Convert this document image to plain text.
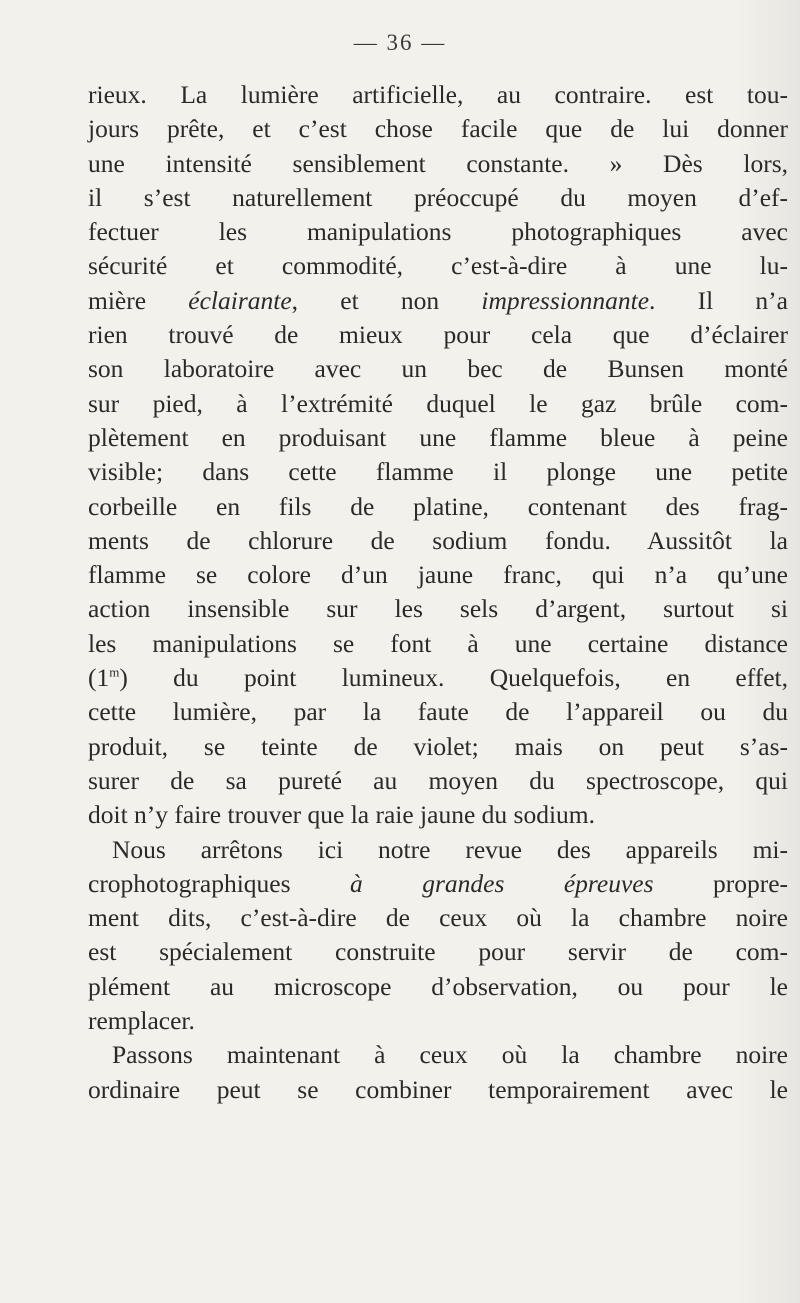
— 36 —
rieux. La lumière artificielle, au contraire. est tou-
jours prête, et c’est chose facile que de lui donner
une intensité sensiblement constante. » Dès lors,
il s’est naturellement préoccupé du moyen d’ef-
fectuer les manipulations photographiques avec
sécurité et commodité, c’est-à-dire à une lu-
mière éclairante, et non impressionnante. Il n’a
rien trouvé de mieux pour cela que d’éclairer
son laboratoire avec un bec de Bunsen monté
sur pied, à l’extrémité duquel le gaz brûle com-
plètement en produisant une flamme bleue à peine
visible; dans cette flamme il plonge une petite
corbeille en fils de platine, contenant des frag-
ments de chlorure de sodium fondu. Aussitôt la
flamme se colore d’un jaune franc, qui n’a qu’une
action insensible sur les sels d’argent, surtout si
les manipulations se font à une certaine distance
(1$^m$) du point lumineux. Quelquefois, en effet,
cette lumière, par la faute de l’appareil ou du
produit, se teinte de violet; mais on peut s’as-
surer de sa pureté au moyen du spectroscope, qui
doit n’y faire trouver que la raie jaune du sodium.
Nous arrêtons ici notre revue des appareils mi-
crophotographiques à grandes épreuves propre-
ment dits, c’est-à-dire de ceux où la chambre noire
est spécialement construite pour servir de com-
plément au microscope d’observation, ou pour le
remplacer.
Passons maintenant à ceux où la chambre noire
ordinaire peut se combiner temporairement avec le
